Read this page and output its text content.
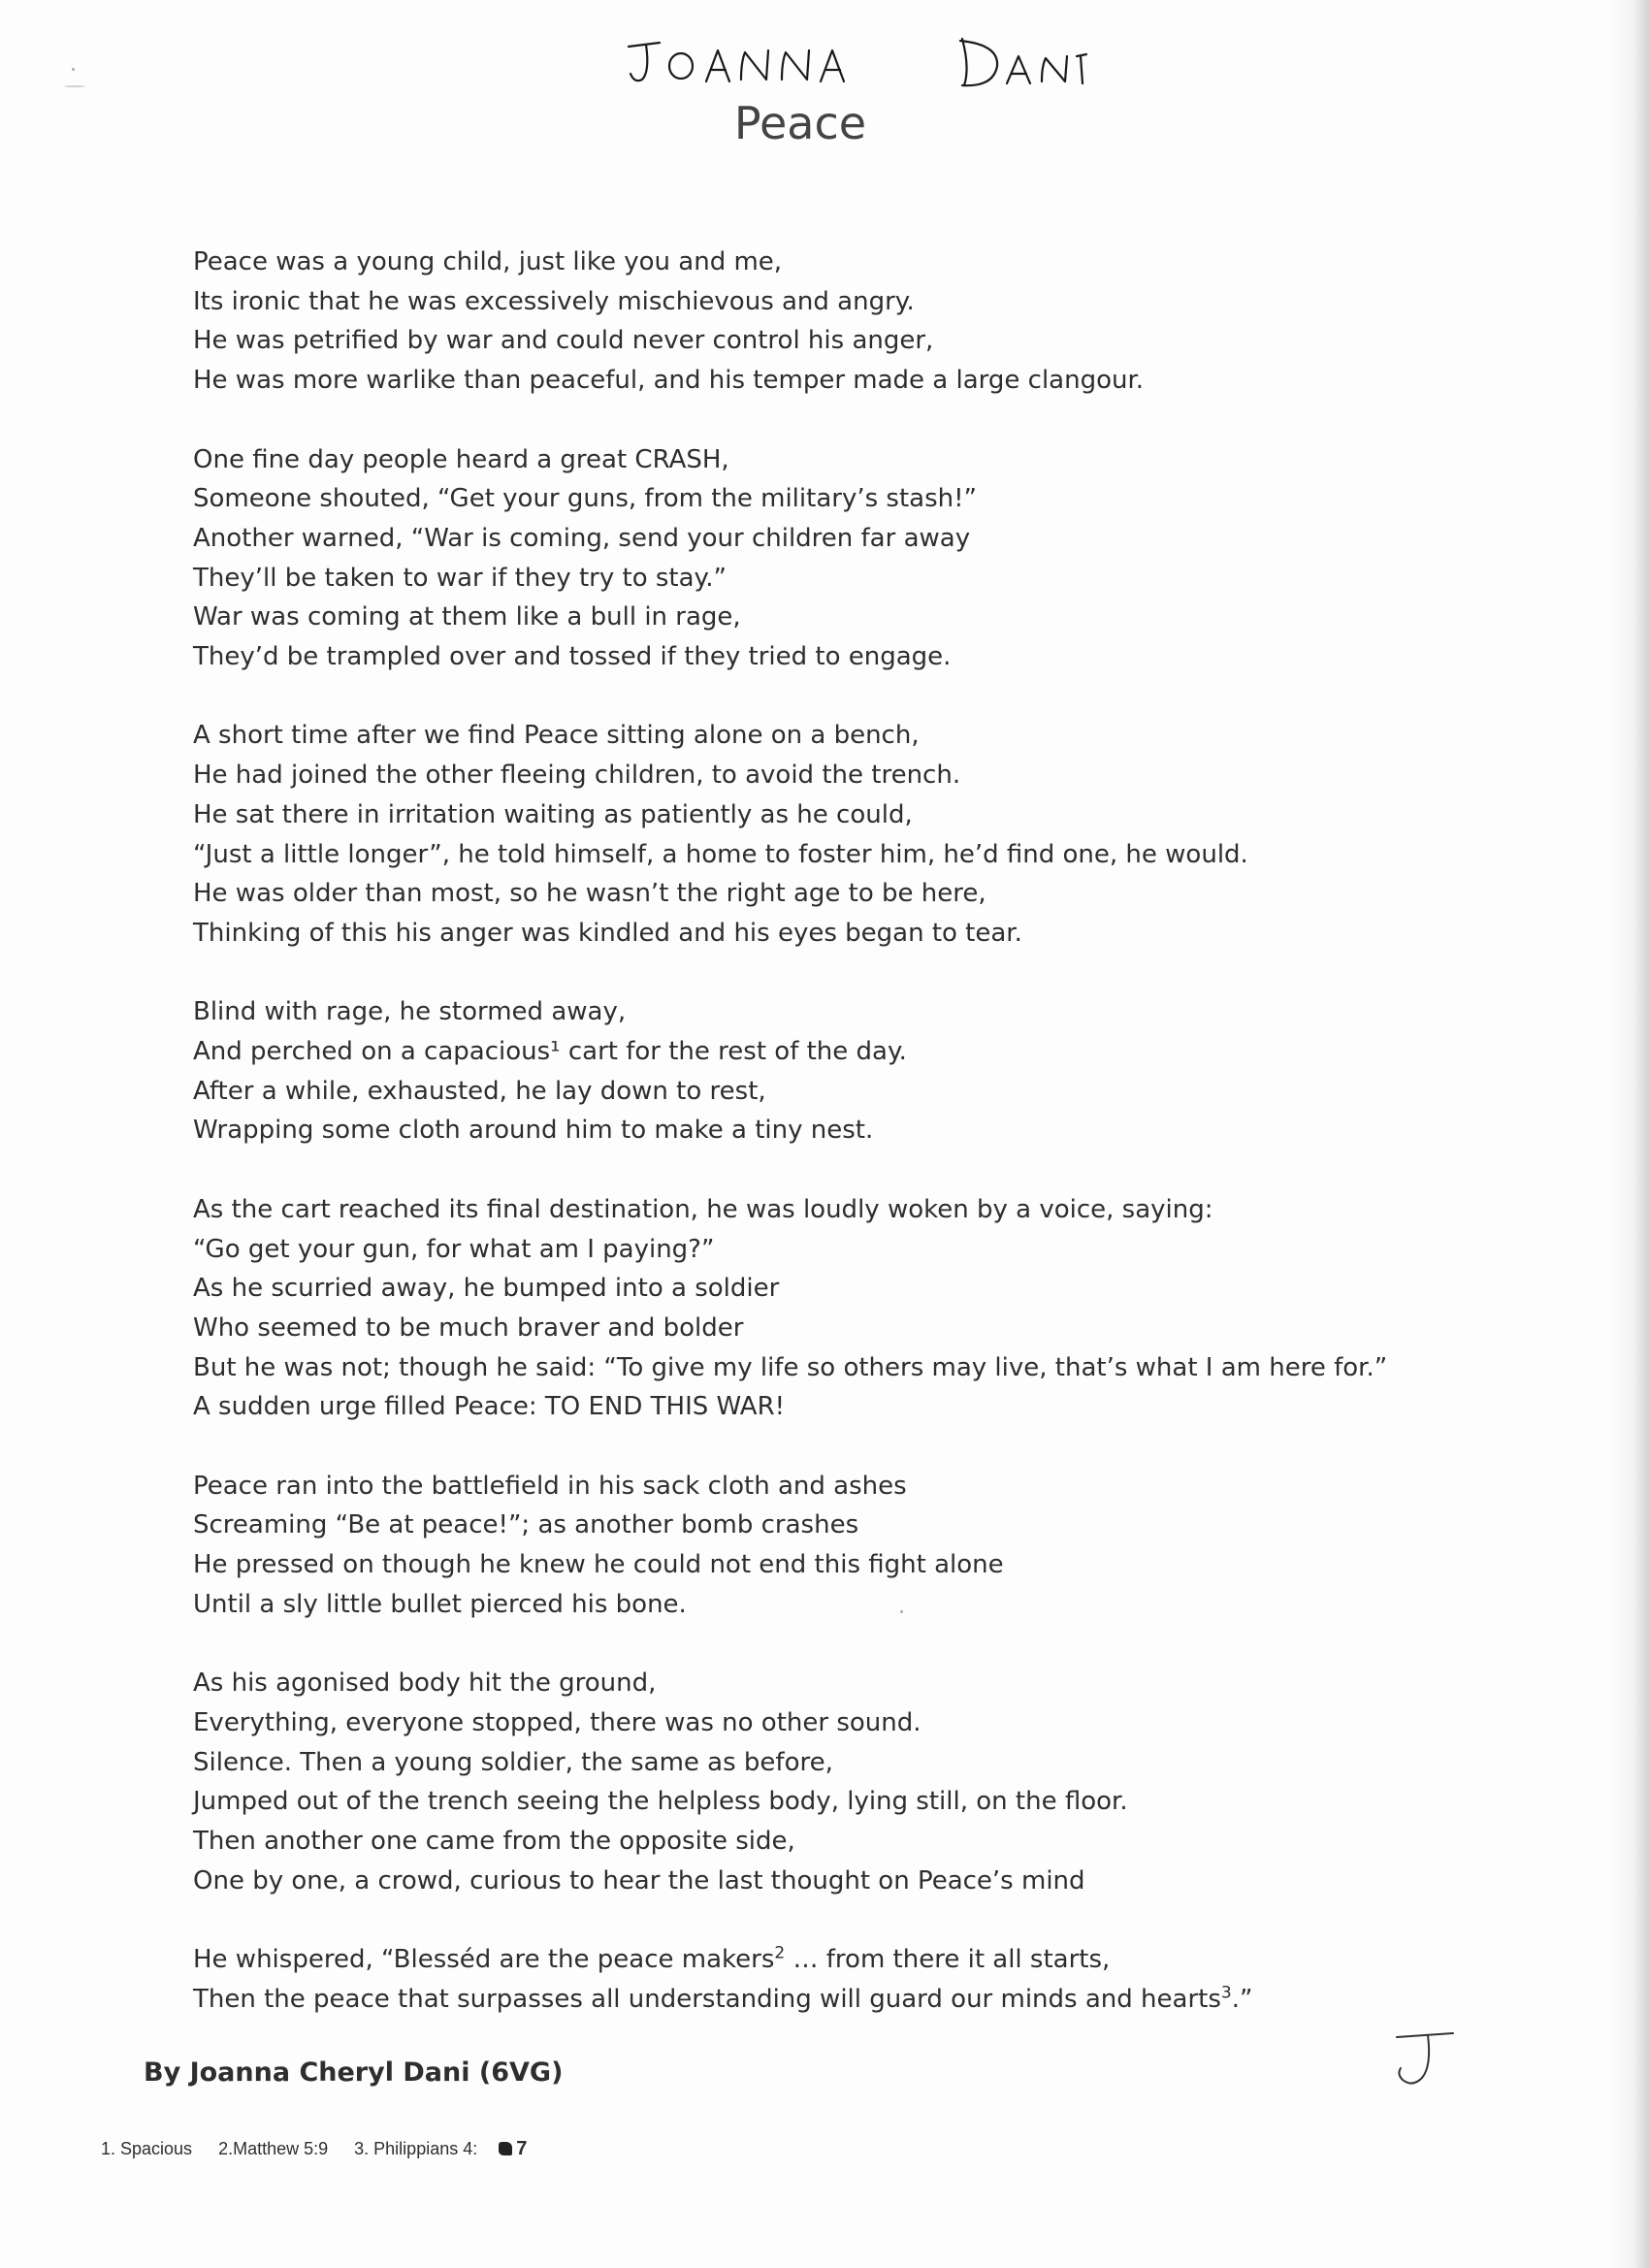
Peace
Peace was a young child, just like you and me,
Its ironic that he was excessively mischievous and angry.
He was petrified by war and could never control his anger,
He was more warlike than peaceful, and his temper made a large clangour.
One fine day people heard a great CRASH,
Someone shouted, “Get your guns, from the military’s stash!”
Another warned, “War is coming, send your children far away
They’ll be taken to war if they try to stay.”
War was coming at them like a bull in rage,
They’d be trampled over and tossed if they tried to engage.
A short time after we find Peace sitting alone on a bench,
He had joined the other fleeing children, to avoid the trench.
He sat there in irritation waiting as patiently as he could,
“Just a little longer”, he told himself, a home to foster him, he’d find one, he would.
He was older than most, so he wasn’t the right age to be here,
Thinking of this his anger was kindled and his eyes began to tear.
Blind with rage, he stormed away,
And perched on a capacious¹ cart for the rest of the day.
After a while, exhausted, he lay down to rest,
Wrapping some cloth around him to make a tiny nest.
As the cart reached its final destination, he was loudly woken by a voice, saying:
“Go get your gun, for what am I paying?”
As he scurried away, he bumped into a soldier
Who seemed to be much braver and bolder
But he was not; though he said: “To give my life so others may live, that’s what I am here for.”
A sudden urge filled Peace: TO END THIS WAR!
Peace ran into the battlefield in his sack cloth and ashes
Screaming “Be at peace!”; as another bomb crashes
He pressed on though he knew he could not end this fight alone
Until a sly little bullet pierced his bone.
As his agonised body hit the ground,
Everything, everyone stopped, there was no other sound.
Silence. Then a young soldier, the same as before,
Jumped out of the trench seeing the helpless body, lying still, on the floor.
Then another one came from the opposite side,
One by one, a crowd, curious to hear the last thought on Peace’s mind
He whispered, “Blesséd are the peace makers$^2$ … from there it all starts,
Then the peace that surpasses all understanding will guard our minds and hearts$^3$.”
By Joanna Cheryl Dani (6VG)
1. Spacious 2.Matthew 5:9 3. Philippians 4: 7
